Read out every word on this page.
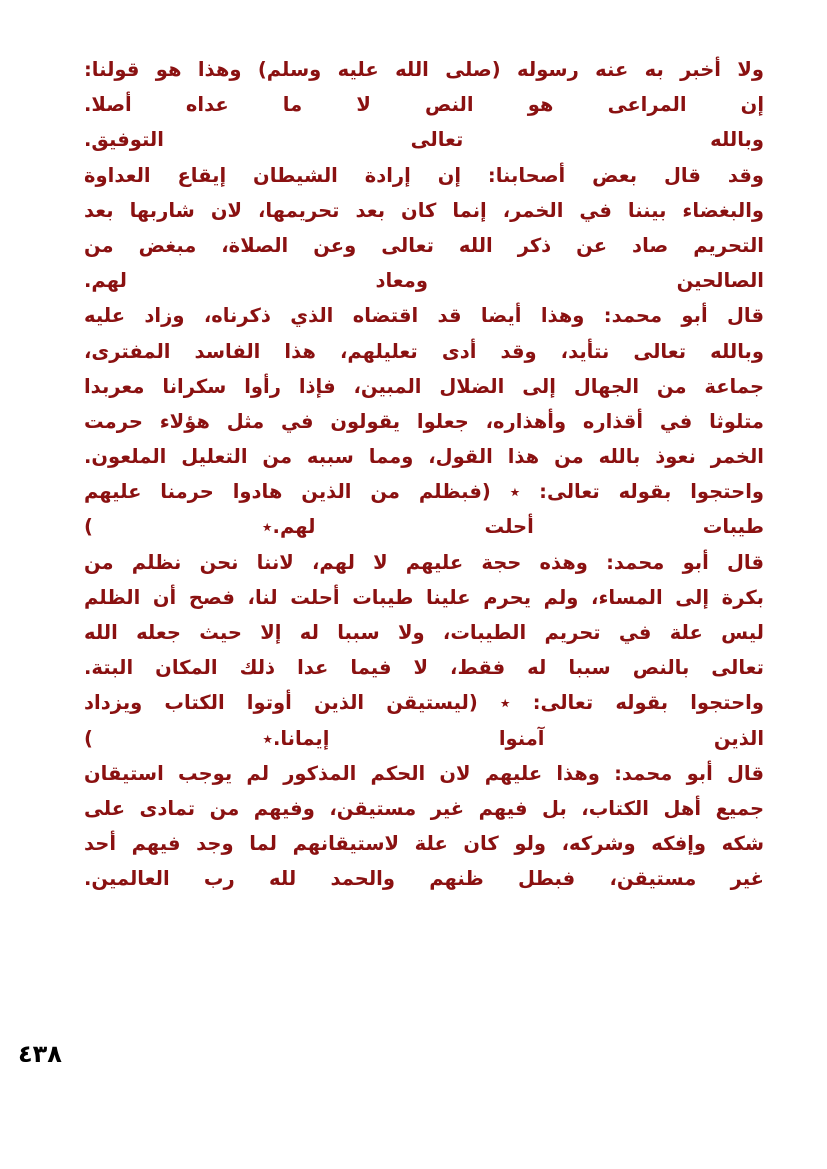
ولا أخبر به عنه رسوله (صلى الله عليه وسلم) وهذا هو قولنا:
إن المراعى هو النص لا ما عداه أصلا.
وبالله تعالى التوفيق.
وقد قال بعض أصحابنا: إن إرادة الشيطان إيقاع العداوة
والبغضاء بيننا في الخمر، إنما كان بعد تحريمها، لان شاربها بعد
التحريم صاد عن ذكر الله تعالى وعن الصلاة، مبغض من
الصالحين ومعاد لهم.
قال أبو محمد: وهذا أيضا قد اقتضاه الذي ذكرناه، وزاد عليه
وبالله تعالى نتأيد، وقد أدى تعليلهم، هذا الفاسد المفترى،
جماعة من الجهال إلى الضلال المبين، فإذا رأوا سكرانا معربدا
متلوثا في أقذاره وأهذاره، جعلوا يقولون في مثل هؤلاء حرمت
الخمر نعوذ بالله من هذا القول، ومما سببه من التعليل الملعون.
واحتجوا بقوله تعالى: ٭ (فبظلم من الذين هادوا حرمنا عليهم
طيبات أحلت لهم.٭ )
قال أبو محمد: وهذه حجة عليهم لا لهم، لاننا نحن نظلم من
بكرة إلى المساء، ولم يحرم علينا طيبات أحلت لنا، فصح أن الظلم
ليس علة في تحريم الطيبات، ولا سببا له إلا حيث جعله الله
تعالى بالنص سببا له فقط، لا فيما عدا ذلك المكان البتة.
واحتجوا بقوله تعالى: ٭ (ليستيقن الذين أوتوا الكتاب ويزداد
الذين آمنوا إيمانا.٭ )
قال أبو محمد: وهذا عليهم لان الحكم المذكور لم يوجب استيقان
جميع أهل الكتاب، بل فيهم غير مستيقن، وفيهم من تمادى على
شكه وإفكه وشركه، ولو كان علة لاستيقانهم لما وجد فيهم أحد
غير مستيقن، فبطل ظنهم والحمد لله رب العالمين.
٤٣٨
